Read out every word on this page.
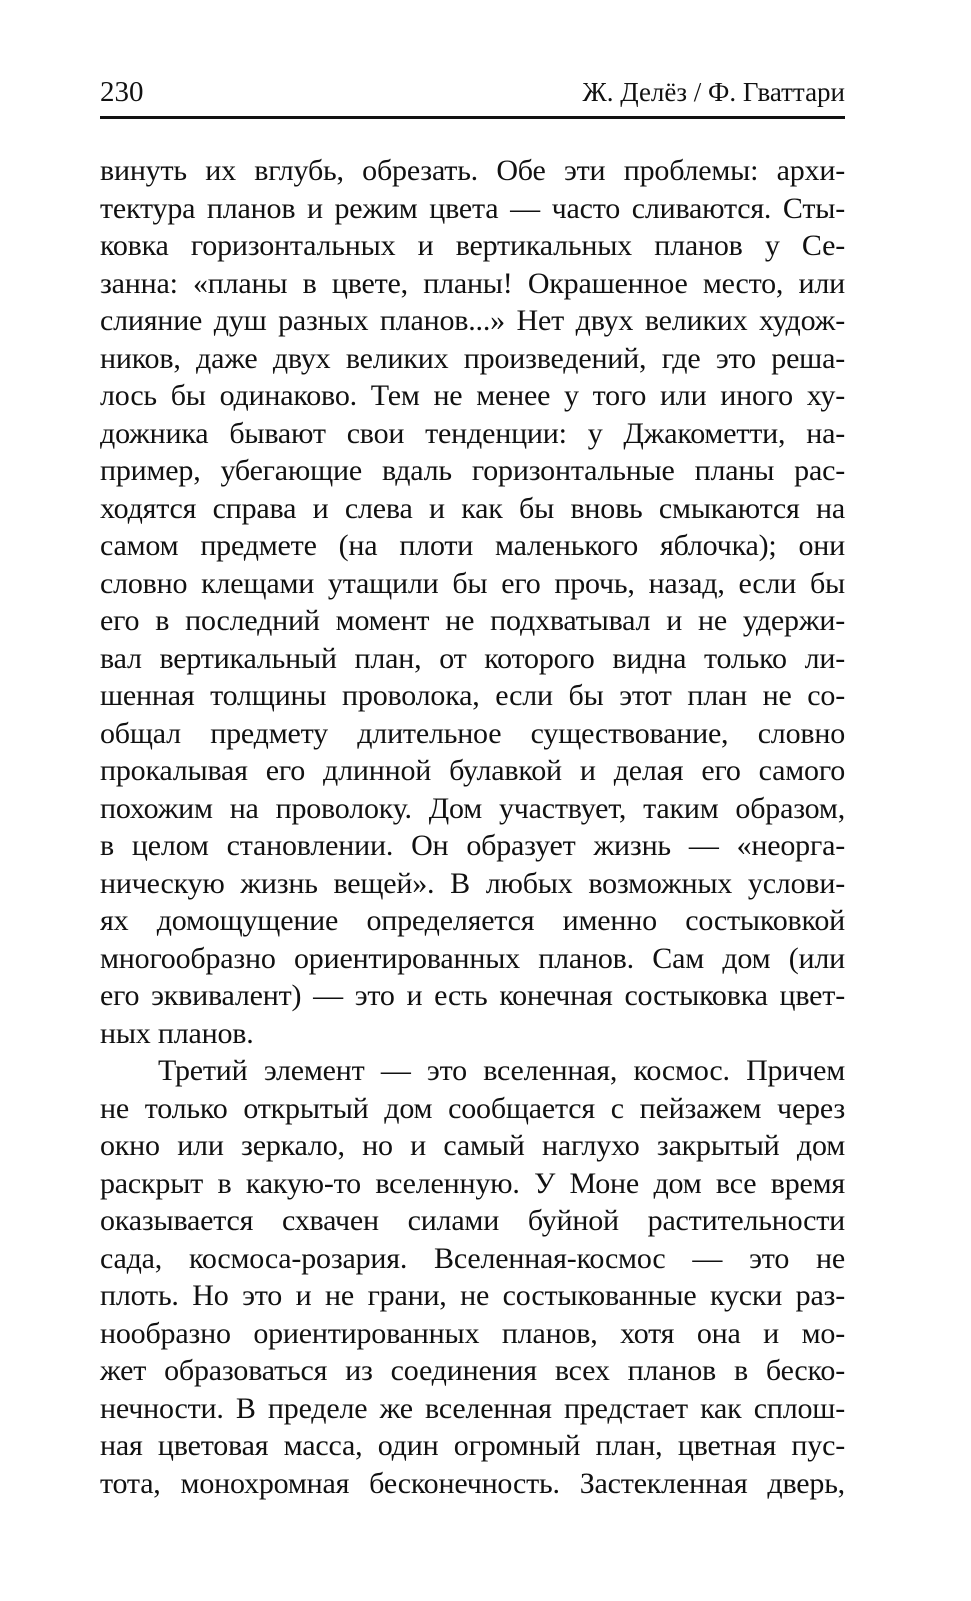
230	Ж. Делёз / Ф. Гваттари
винуть их вглубь, обрезать. Обе эти проблемы: архи-
тектура планов и режим цвета — часто сливаются. Сты-
ковка горизонтальных и вертикальных планов у Се-
занна: «планы в цвете, планы! Окрашенное место, или
слияние душ разных планов...» Нет двух великих худож-
ников, даже двух великих произведений, где это реша-
лось бы одинаково. Тем не менее у того или иного ху-
дожника бывают свои тенденции: у Джакометти, на-
пример, убегающие вдаль горизонтальные планы рас-
ходятся справа и слева и как бы вновь смыкаются на
самом предмете (на плоти маленького яблочка); они
словно клещами утащили бы его прочь, назад, если бы
его в последний момент не подхватывал и не удержи-
вал вертикальный план, от которого видна только ли-
шенная толщины проволока, если бы этот план не со-
общал предмету длительное существование, словно
прокалывая его длинной булавкой и делая его самого
похожим на проволоку. Дом участвует, таким образом,
в целом становлении. Он образует жизнь — «неорга-
ническую жизнь вещей». В любых возможных услови-
ях домощущение определяется именно состыковкой
многообразно ориентированных планов. Сам дом (или
его эквивалент) — это и есть конечная состыковка цвет-
ных планов.
Третий элемент — это вселенная, космос. Причем
не только открытый дом сообщается с пейзажем через
окно или зеркало, но и самый наглухо закрытый дом
раскрыт в какую-то вселенную. У Моне дом все время
оказывается схвачен силами буйной растительности
сада, космоса-розария. Вселенная-космос — это не
плоть. Но это и не грани, не состыкованные куски раз-
нообразно ориентированных планов, хотя она и мо-
жет образоваться из соединения всех планов в беско-
нечности. В пределе же вселенная предстает как сплош-
ная цветовая масса, один огромный план, цветная пус-
тота, монохромная бесконечность. Застекленная дверь,
